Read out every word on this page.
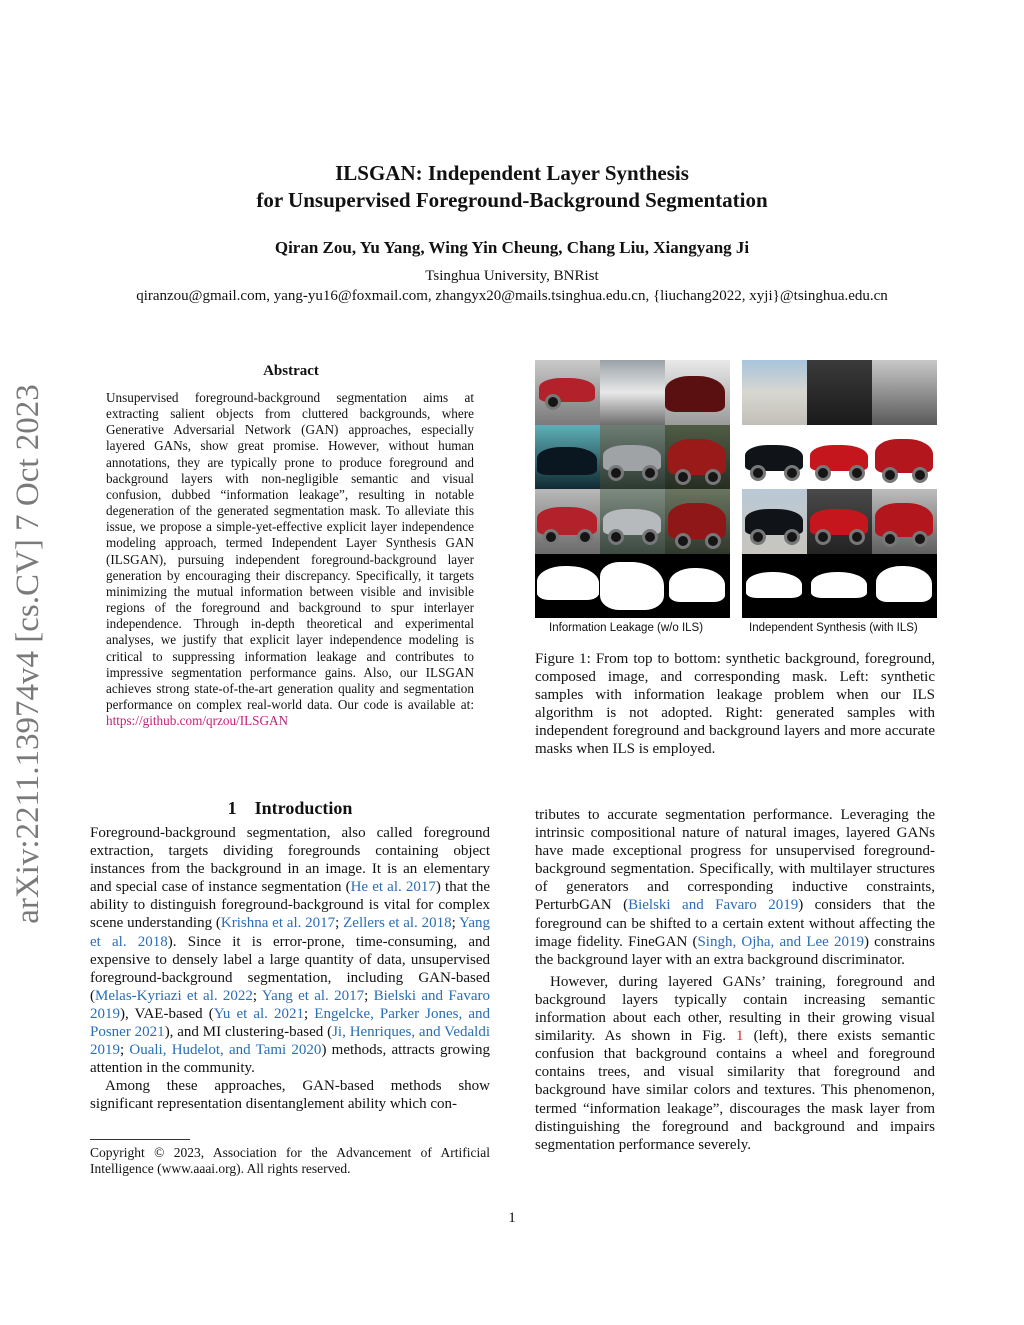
ILSGAN: Independent Layer Synthesis
for Unsupervised Foreground-Background Segmentation
Qiran Zou, Yu Yang, Wing Yin Cheung, Chang Liu, Xiangyang Ji
Tsinghua University, BNRist
qiranzou@gmail.com, yang-yu16@foxmail.com, zhangyx20@mails.tsinghua.edu.cn, {liuchang2022, xyji}@tsinghua.edu.cn
arXiv:2211.13974v4 [cs.CV] 7 Oct 2023
Abstract
Unsupervised foreground-background segmentation aims at extracting salient objects from cluttered backgrounds, where Generative Adversarial Network (GAN) approaches, especially layered GANs, show great promise. However, without human annotations, they are typically prone to produce foreground and background layers with non-negligible semantic and visual confusion, dubbed “information leakage”, resulting in notable degeneration of the generated segmentation mask. To alleviate this issue, we propose a simple-yet-effective explicit layer independence modeling approach, termed Independent Layer Synthesis GAN (ILSGAN), pursuing independent foreground-background layer generation by encouraging their discrepancy. Specifically, it targets minimizing the mutual information between visible and invisible regions of the foreground and background to spur interlayer independence. Through in-depth theoretical and experimental analyses, we justify that explicit layer independence modeling is critical to suppressing information leakage and contributes to impressive segmentation performance gains. Also, our ILSGAN achieves strong state-of-the-art generation quality and segmentation performance on complex real-world data. Our code is available at: https://github.com/qrzou/ILSGAN
1    Introduction

Foreground-background segmentation, also called foreground extraction, targets dividing foregrounds containing object instances from the background in an image. It is an elementary and special case of instance segmentation (He et al. 2017) that the ability to distinguish foreground-background is vital for complex scene understanding (Krishna et al. 2017; Zellers et al. 2018; Yang et al. 2018). Since it is error-prone, time-consuming, and expensive to densely label a large quantity of data, unsupervised foreground-background segmentation, including GAN-based (Melas-Kyriazi et al. 2022; Yang et al. 2017; Bielski and Favaro 2019), VAE-based (Yu et al. 2021; Engelcke, Parker Jones, and Posner 2021), and MI clustering-based (Ji, Henriques, and Vedaldi 2019; Ouali, Hudelot, and Tami 2020) methods, attracts growing attention in the community.

Among these approaches, GAN-based methods show significant representation disentanglement ability which con-

Copyright © 2023, Association for the Advancement of Artificial Intelligence (www.aaai.org). All rights reserved.
Information Leakage (w/o ILS)	Independent Synthesis (with ILS)
Figure 1: From top to bottom: synthetic background, foreground, composed image, and corresponding mask. Left: synthetic samples with information leakage problem when our ILS algorithm is not adopted. Right: generated samples with independent foreground and background layers and more accurate masks when ILS is employed.

tributes to accurate segmentation performance. Leveraging the intrinsic compositional nature of natural images, layered GANs have made exceptional progress for unsupervised foreground-background segmentation. Specifically, with multilayer structures of generators and corresponding inductive constraints, PerturbGAN (Bielski and Favaro 2019) considers that the foreground can be shifted to a certain extent without affecting the image fidelity. FineGAN (Singh, Ojha, and Lee 2019) constrains the background layer with an extra background discriminator.

However, during layered GANs’ training, foreground and background layers typically contain increasing semantic information about each other, resulting in their growing visual similarity. As shown in Fig. 1 (left), there exists semantic confusion that background contains a wheel and foreground contains trees, and visual similarity that foreground and background have similar colors and textures. This phenomenon, termed “information leakage”, discourages the mask layer from distinguishing the foreground and background and impairs segmentation performance severely.

1
